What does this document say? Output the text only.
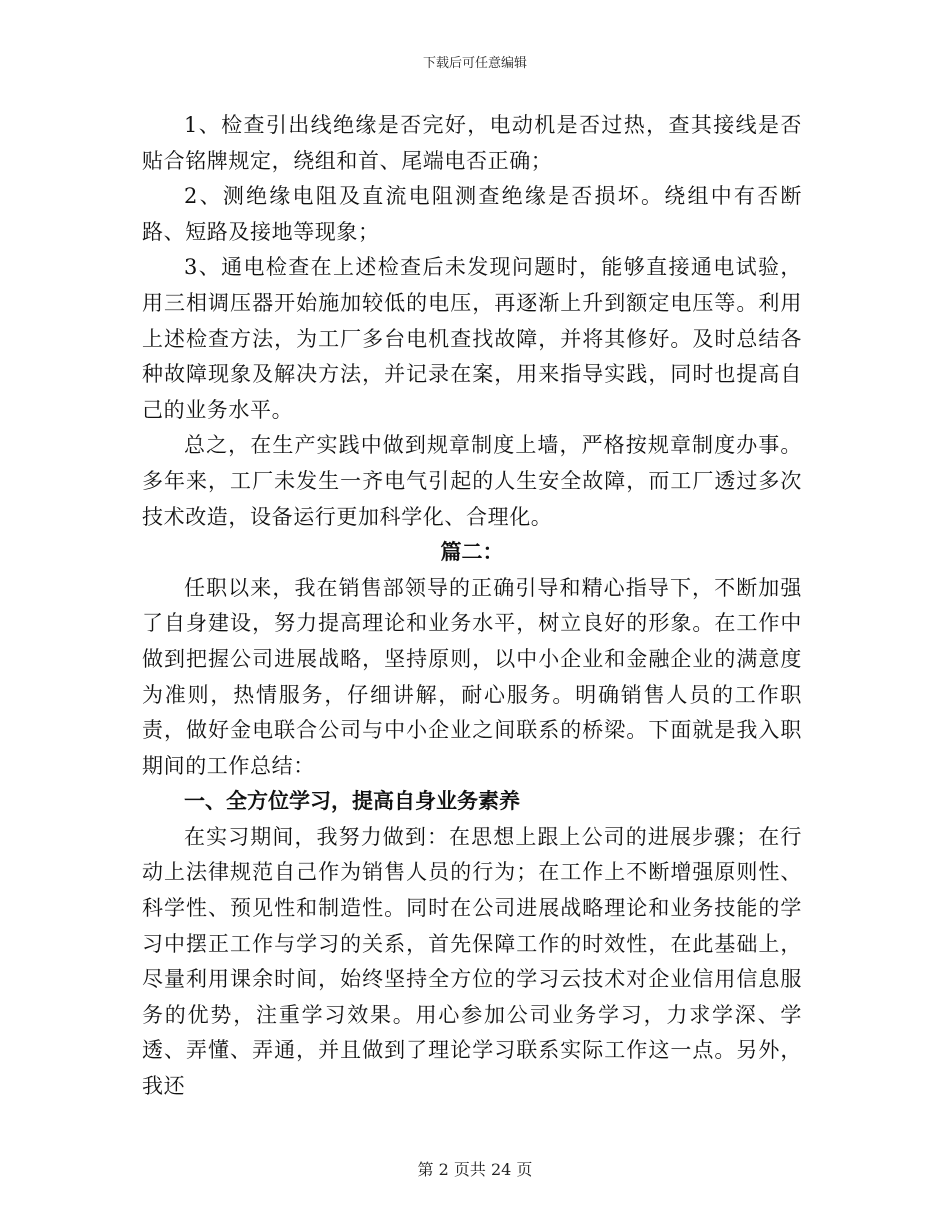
下载后可任意编辑

1、检查引出线绝缘是否完好，电动机是否过热，查其接线是否贴合铭牌规定，绕组和首、尾端电否正确；

2、测绝缘电阻及直流电阻测查绝缘是否损坏。绕组中有否断路、短路及接地等现象；

3、通电检查在上述检查后未发现问题时，能够直接通电试验，用三相调压器开始施加较低的电压，再逐渐上升到额定电压等。利用上述检查方法，为工厂多台电机查找故障，并将其修好。及时总结各种故障现象及解决方法，并记录在案，用来指导实践，同时也提高自己的业务水平。

总之，在生产实践中做到规章制度上墙，严格按规章制度办事。多年来，工厂未发生一齐电气引起的人生安全故障，而工厂透过多次技术改造，设备运行更加科学化、合理化。

篇二：

任职以来，我在销售部领导的正确引导和精心指导下，不断加强了自身建设，努力提高理论和业务水平，树立良好的形象。在工作中做到把握公司进展战略，坚持原则，以中小企业和金融企业的满意度为准则，热情服务，仔细讲解，耐心服务。明确销售人员的工作职责，做好金电联合公司与中小企业之间联系的桥梁。下面就是我入职期间的工作总结：

一、全方位学习，提高自身业务素养

在实习期间，我努力做到：在思想上跟上公司的进展步骤；在行动上法律规范自己作为销售人员的行为；在工作上不断增强原则性、科学性、预见性和制造性。同时在公司进展战略理论和业务技能的学习中摆正工作与学习的关系，首先保障工作的时效性，在此基础上，尽量利用课余时间，始终坚持全方位的学习云技术对企业信用信息服务的优势，注重学习效果。用心参加公司业务学习，力求学深、学透、弄懂、弄通，并且做到了理论学习联系实际工作这一点。另外，我还

第 2 页共 24 页
